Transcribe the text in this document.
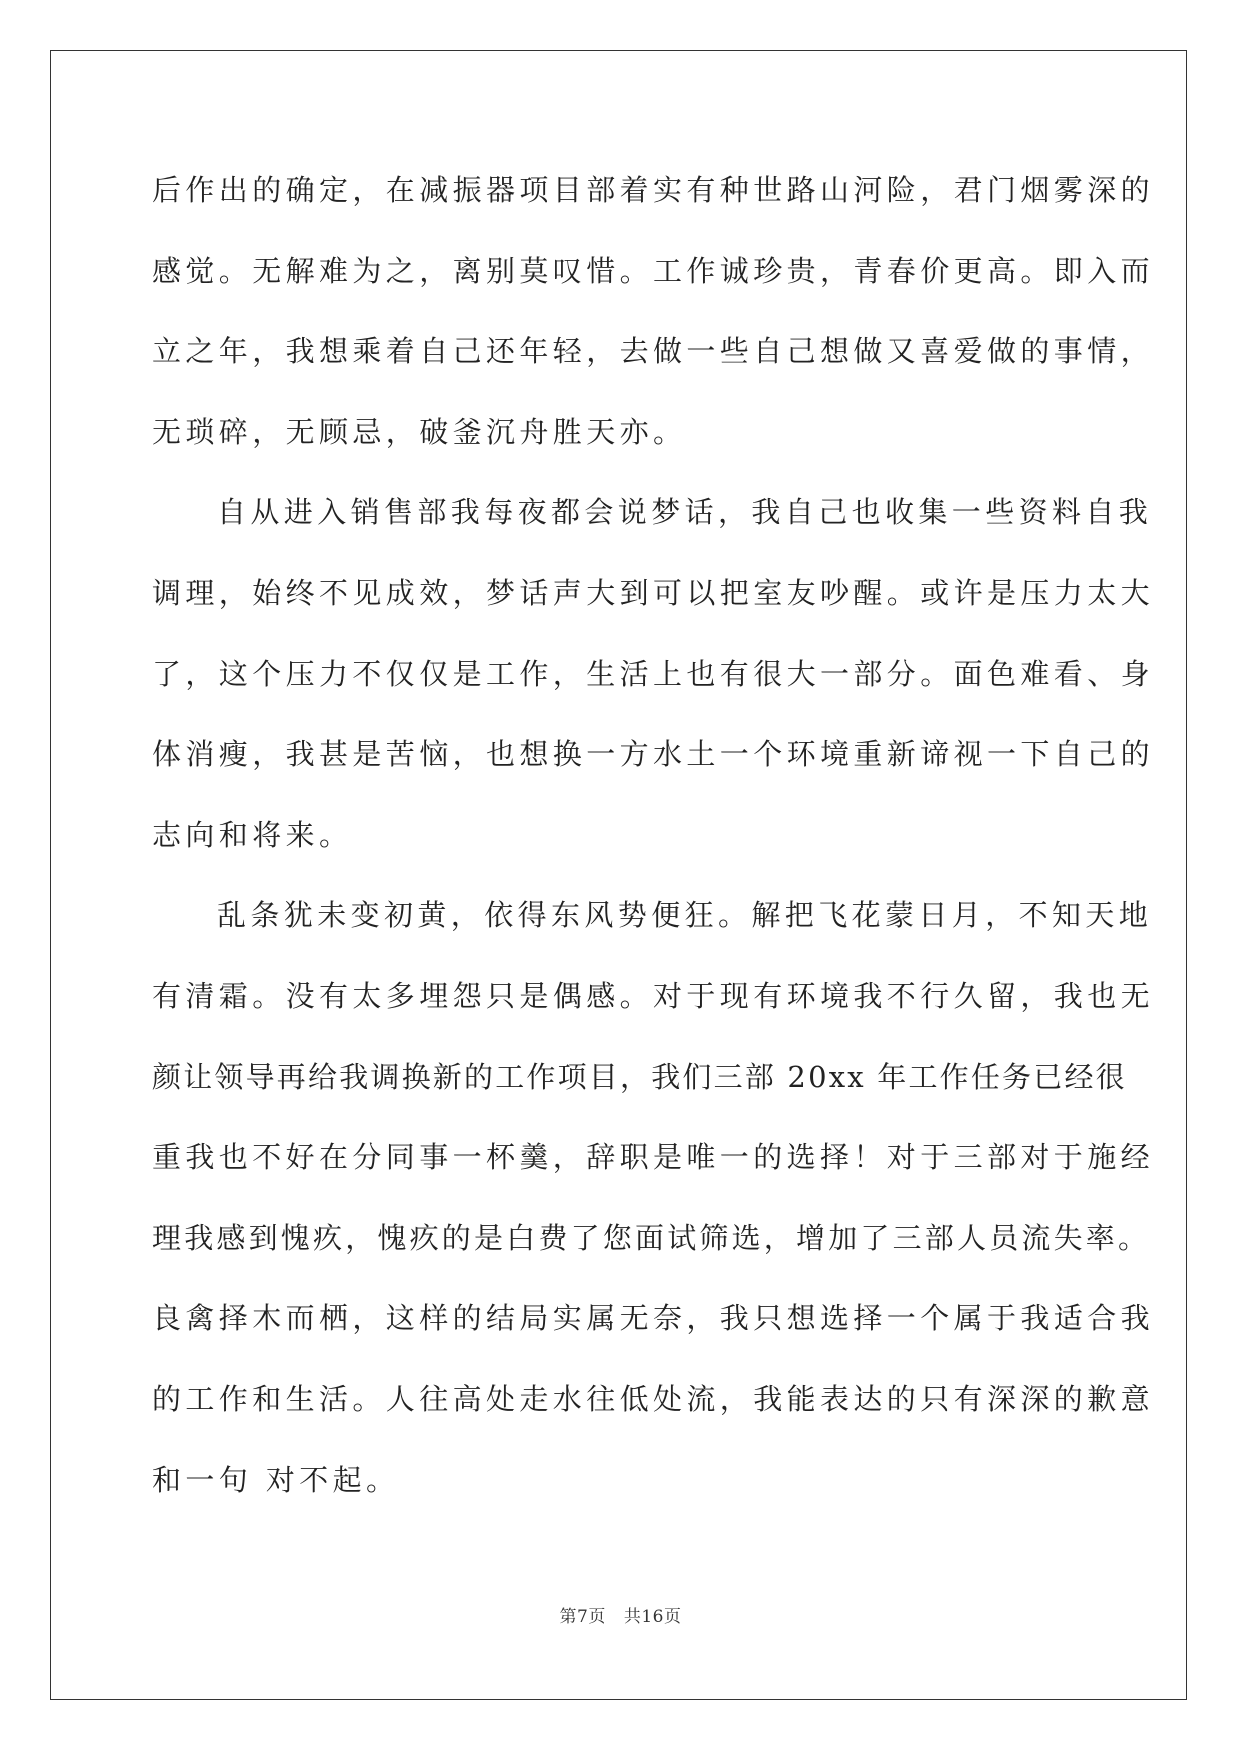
后作出的确定，在减振器项目部着实有种世路山河险，君门烟雾深的
感觉。无解难为之，离别莫叹惜。工作诚珍贵，青春价更高。即入而
立之年，我想乘着自己还年轻，去做一些自己想做又喜爱做的事情，
无琐碎，无顾忌，破釜沉舟胜天亦。
自从进入销售部我每夜都会说梦话，我自己也收集一些资料自我
调理，始终不见成效，梦话声大到可以把室友吵醒。或许是压力太大
了，这个压力不仅仅是工作，生活上也有很大一部分。面色难看、身
体消瘦，我甚是苦恼，也想换一方水土一个环境重新谛视一下自己的
志向和将来。
乱条犹未变初黄，依得东风势便狂。解把飞花蒙日月，不知天地
有清霜。没有太多埋怨只是偶感。对于现有环境我不行久留，我也无
颜让领导再给我调换新的工作项目，我们三部 20xx 年工作任务已经很
重我也不好在分同事一杯羹，辞职是唯一的选择！对于三部对于施经
理我感到愧疚，愧疚的是白费了您面试筛选，增加了三部人员流失率。
良禽择木而栖，这样的结局实属无奈，我只想选择一个属于我适合我
的工作和生活。人往高处走水往低处流，我能表达的只有深深的歉意
和一句 对不起。
第7页 共16页
